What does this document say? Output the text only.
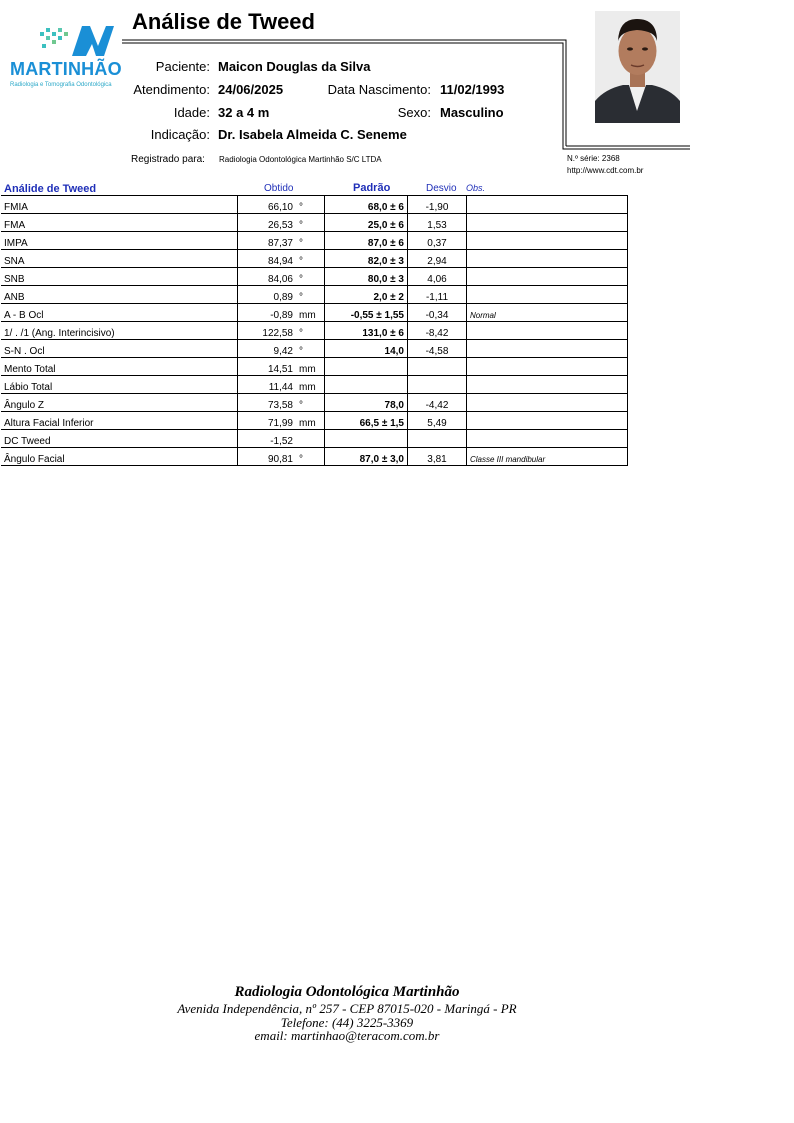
MARTINHÃO
Radiologia e Tomografia Odontológica
Análise de Tweed
Paciente: Maicon Douglas da Silva
Atendimento: 24/06/2025	Data Nascimento: 11/02/1993
Idade: 32 a 4 m	Sexo: Masculino
Indicação: Dr. Isabela Almeida C. Seneme
Registrado para: Radiologia Odontológica Martinhão S/C LTDA	N.º série: 2368
http://www.cdt.com.br
Análide de Tweed	Obtido	Padrão	Desvio Obs.
FMIA	66,10	°	68,0 ± 6	-1,90	
FMA	26,53	°	25,0 ± 6	1,53	
IMPA	87,37	°	87,0 ± 6	0,37	
SNA	84,94	°	82,0 ± 3	2,94	
SNB	84,06	°	80,0 ± 3	4,06	
ANB	0,89	°	2,0 ± 2	-1,11	
A - B Ocl	-0,89	mm	-0,55 ± 1,55	-0,34	Normal
1/ . /1 (Ang. Interincisivo)	122,58	°	131,0 ± 6	-8,42	
S-N . Ocl	9,42	°	14,0	-4,58	
Mento Total	14,51	mm			
Lábio Total	11,44	mm			
Ângulo Z	73,58	°	78,0	-4,42	
Altura Facial Inferior	71,99	mm	66,5 ± 1,5	5,49	
DC Tweed	-1,52				
Ângulo Facial	90,81	°	87,0 ± 3,0	3,81	Classe III mandibular
Radiologia Odontológica Martinhão
Avenida Independência, nº 257 - CEP 87015-020 - Maringá - PR
Telefone: (44) 3225-3369
email: martinhao@teracom.com.br
